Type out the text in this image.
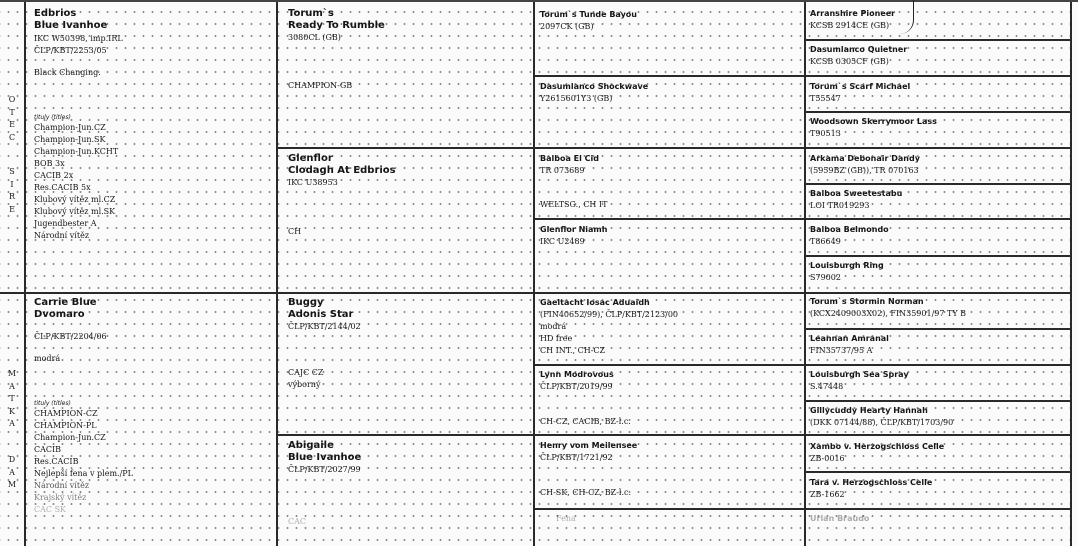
O
T
E
C
S
I
R
E
M
A
T
K
A
D
A
M
Edbrios
Blue Ivanhoe
IKC W50398, imp.IRL
ČLP/KBT/2253/05
Black Changing.
tituly (titles)
Champion-Jun.CZ
Champion-Jun.SK
Champion-Jun.KCHT
BOB 3x
CACIB 2x
Res.CACIB 5x
Klubový vítěz ml.CZ
Klubový vítěz ml.SK
Jugendbester A
Národní vítěz
Carrie Blue
Dvomaro
ČLP/KBT/2204/06
modrá
tituly (titles)
CHAMPION-CZ
CHAMPION-PL
Champion-Jun.CZ
CACIB
Res.CACIB
Nejlepší fena v plem./PL
Národní vítěz
Krajský vítěz
CAC SK
Torum`s
Ready To Rumble
3080CL (GB)
CHAMPION-GB
Glenflor
Clodagh At Edbrios
IKC U38953
CH
Buggy
Adonis Star
ČLP/KBT/2144/02
CAJC CZ
výborný
Abigaile
Blue Ivanhoe
ČLP/KBT/2027/99
CAC
Torum`s Tunde Bayou
2097CK (GB)
Dasumlanco Shockwave
Y2615601Y3 (GB)
Balboa El Cid
TR 073689
WELTSG., CH IT
Glenflor Niamh
IKC U2489
Gaeltacht Iosac Aduaidh
(FIN40652/99), ČLP/KBT/2123/00
modrá
HD free
CH INT., CH-CZ
Lynn Modrovous
ČLP/KBT/2019/99
CH-CZ, CACIB, BZ-l.c.
Henry vom Meilensee
ČLP/KBT/1721/92
CH-SK, CH-CZ, BZ-l.c.
Fena
Arranshire Pioneer
KCSB 2914CE (GB)
Dasumlanco Quietner
KCSB 0305CF (GB)
Torum`s Scarf Michael
T55547
Woodsown Skerrymoor Lass
T90513
Arkama Debonair Dandy
(5959BZ (GB)), TR 070163
Balboa Sweetestabu
LOI TR019293
Balboa Belmondo
T86649
Louisburgh Ring
S79002
Torum`s Stormin Norman
(KCX2409003X02), FIN35901/97 TY B
Leannan Amranal
FIN35737/95 A
Louisburgh Sea Spray
S.47448
Gillycuddy Hearty Hannah
(DKK 07144/88), ČLP/KBT/1703/90
Xambo v. Herzogschloss Celle
ZB-0016
Tara v. Herzogschloss Celle
ZB-1662
Urlan Braudo
